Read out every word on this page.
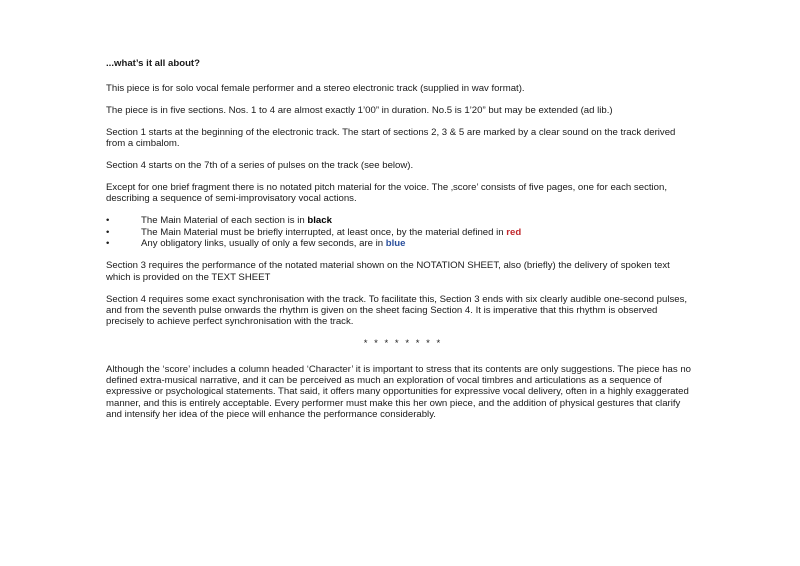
...what’s it all about?

This piece is for solo vocal female performer and a stereo electronic track (supplied in wav format).

The piece is in five sections. Nos. 1 to 4 are almost exactly 1’00” in duration. No.5 is 1’20” but may be extended (ad lib.)

Section 1 starts at the beginning of the electronic track. The start of sections 2, 3 & 5 are marked by a clear sound on the track derived from a cimbalom.

Section 4 starts on the 7th of a series of pulses on the track (see below).

Except for one brief fragment there is no notated pitch material for the voice. The ‚score’ consists of five pages, one for each section, describing a sequence of semi-improvisatory vocal actions.

•	The Main Material of each section is in black
•	The Main Material must be briefly interrupted, at least once, by the material defined in red
•	Any obligatory links, usually of only a few seconds, are in blue

Section 3 requires the performance of the notated material shown on the NOTATION SHEET, also (briefly) the delivery of spoken text which is provided on the TEXT SHEET

Section 4 requires some exact synchronisation with the track. To facilitate this, Section 3 ends with six clearly audible one-second pulses, and from the seventh pulse onwards the rhythm is given on the sheet facing Section 4. It is imperative that this rhythm is observed precisely to achieve perfect synchronisation with the track.

* * * * * * * *

Although the ‘score’ includes a column headed ‘Character’ it is important to stress that its contents are only suggestions. The piece has no defined extra-musical narrative, and it can be perceived as much an exploration of vocal timbres and articulations as a sequence of expressive or psychological statements. That said, it offers many opportunities for expressive vocal delivery, often in a highly exaggerated manner, and this is entirely acceptable. Every performer must make this her own piece, and the addition of physical gestures that clarify and intensify her idea of the piece will enhance the performance considerably.
